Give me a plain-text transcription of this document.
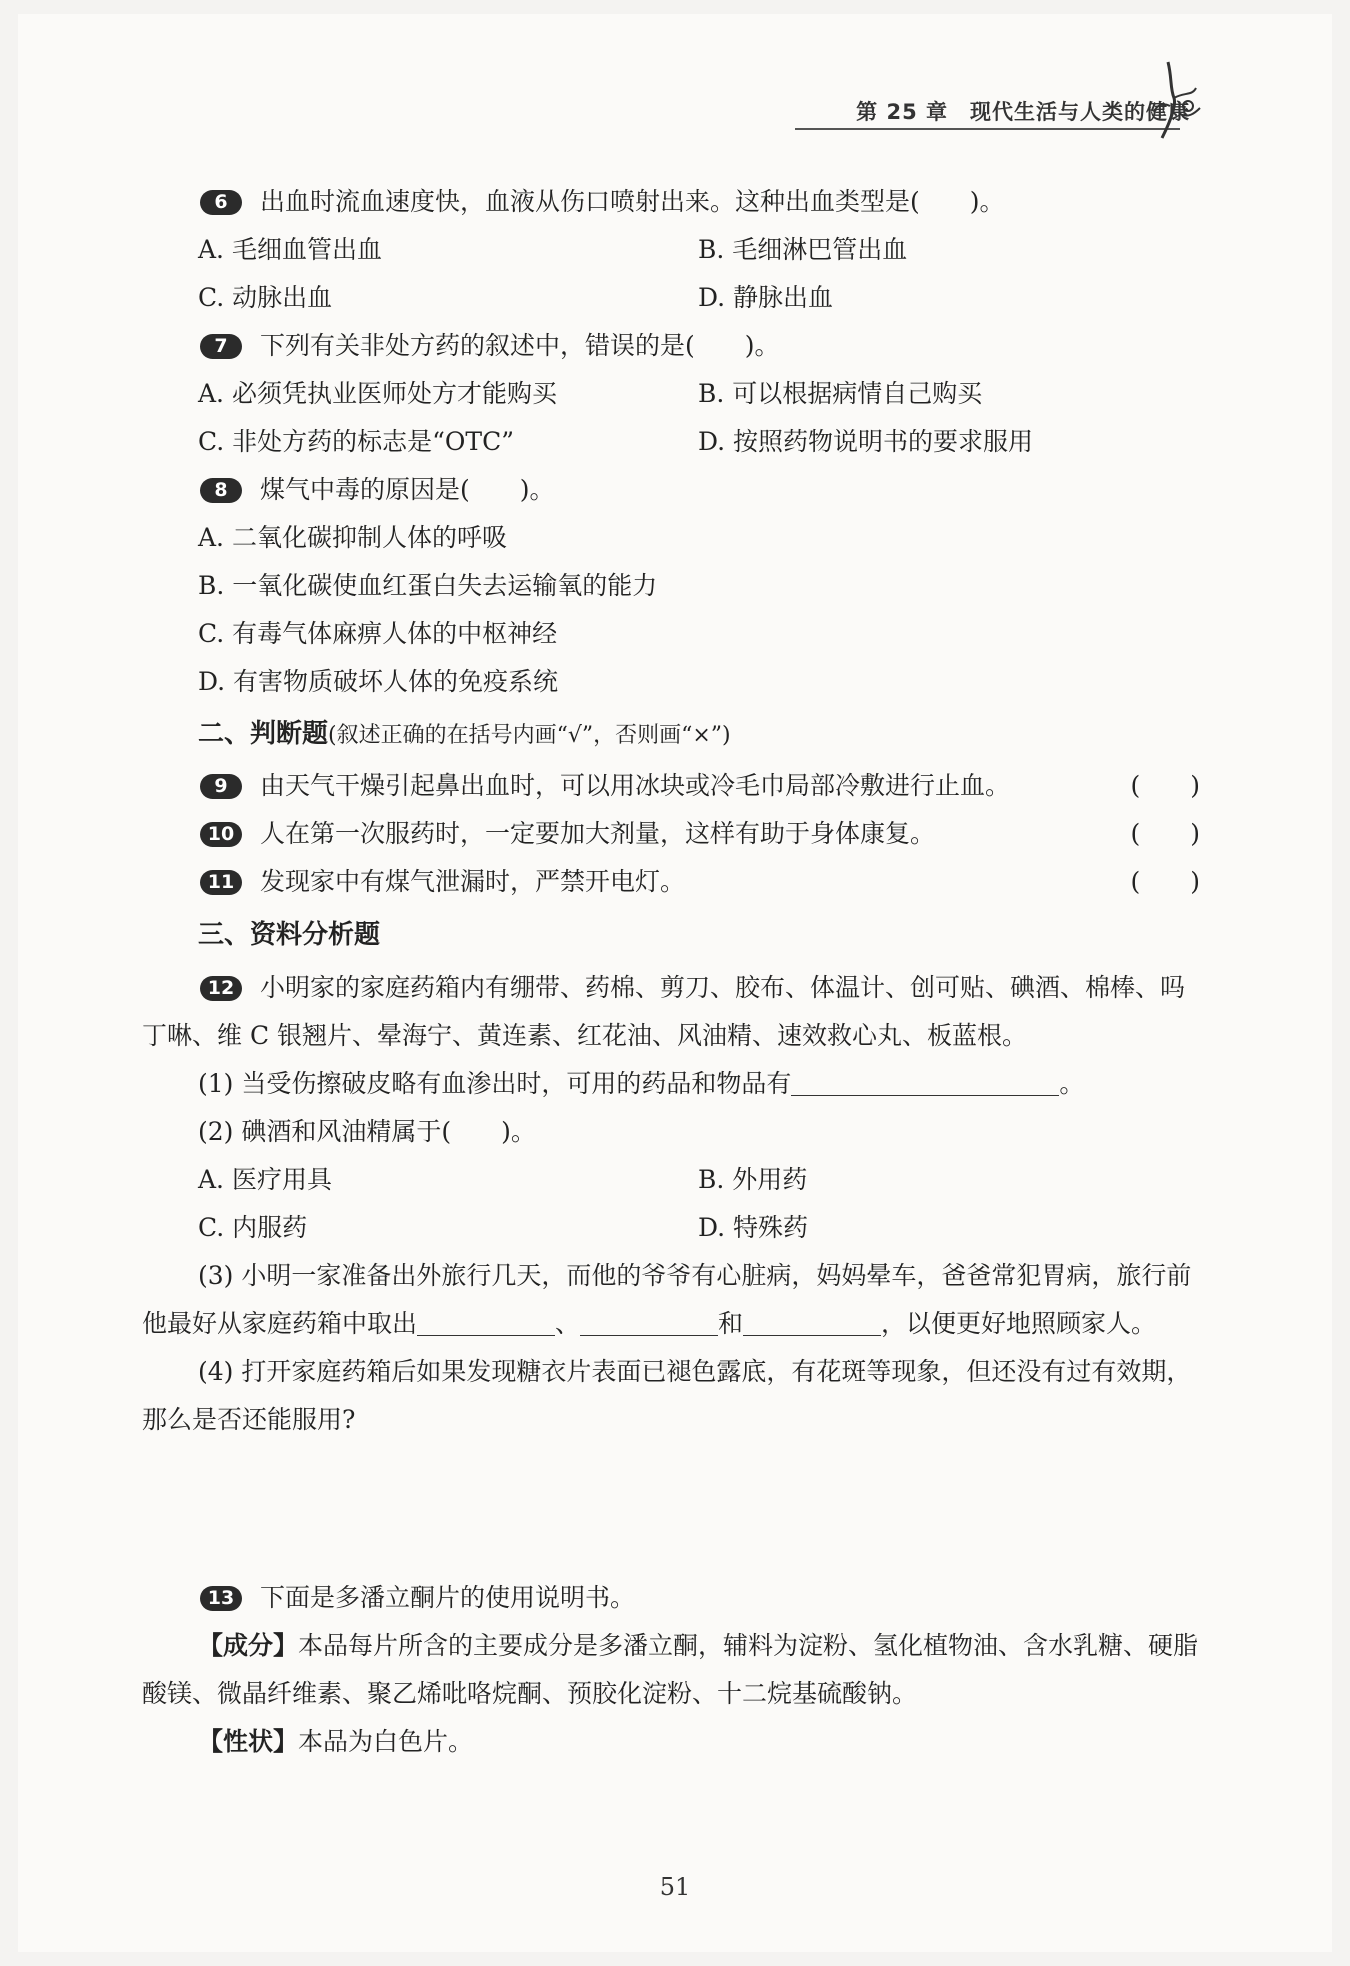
第 25 章 现代生活与人类的健康
6 出血时流血速度快，血液从伤口喷射出来。这种出血类型是(　　)。
A. 毛细血管出血	B. 毛细淋巴管出血
C. 动脉出血	D. 静脉出血
7 下列有关非处方药的叙述中，错误的是(　　)。
A. 必须凭执业医师处方才能购买	B. 可以根据病情自己购买
C. 非处方药的标志是“OTC”	D. 按照药物说明书的要求服用
8 煤气中毒的原因是(　　)。
A. 二氧化碳抑制人体的呼吸
B. 一氧化碳使血红蛋白失去运输氧的能力
C. 有毒气体麻痹人体的中枢神经
D. 有害物质破坏人体的免疫系统
二、判断题(叙述正确的在括号内画“√”，否则画“×”)
9 由天气干燥引起鼻出血时，可以用冰块或冷毛巾局部冷敷进行止血。	(　　)
10 人在第一次服药时，一定要加大剂量，这样有助于身体康复。	(　　)
11 发现家中有煤气泄漏时，严禁开电灯。	(　　)
三、资料分析题
12 小明家的家庭药箱内有绷带、药棉、剪刀、胶布、体温计、创可贴、碘酒、棉棒、吗丁啉、维 C 银翘片、晕海宁、黄连素、红花油、风油精、速效救心丸、板蓝根。
(1) 当受伤擦破皮略有血渗出时，可用的药品和物品有	。
(2) 碘酒和风油精属于(　　)。
A. 医疗用具	B. 外用药
C. 内服药	D. 特殊药
(3) 小明一家准备出外旅行几天，而他的爷爷有心脏病，妈妈晕车，爸爸常犯胃病，旅行前他最好从家庭药箱中取出	、	和	，以便更好地照顾家人。
(4) 打开家庭药箱后如果发现糖衣片表面已褪色露底，有花斑等现象，但还没有过有效期，那么是否还能服用?
13 下面是多潘立酮片的使用说明书。
【成分】本品每片所含的主要成分是多潘立酮，辅料为淀粉、氢化植物油、含水乳糖、硬脂酸镁、微晶纤维素、聚乙烯吡咯烷酮、预胶化淀粉、十二烷基硫酸钠。
【性状】本品为白色片。
51
